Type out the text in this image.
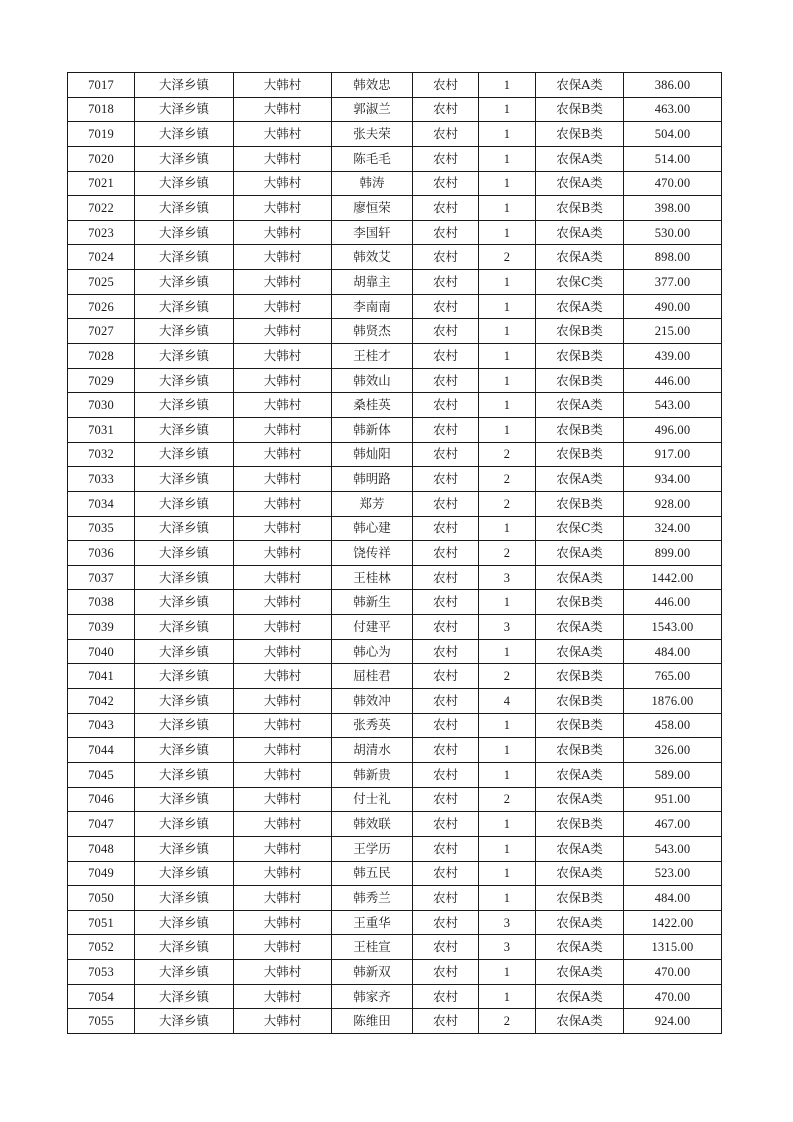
7017	大泽乡镇	大韩村	韩效忠	农村	1	农保A类	386.00
7018	大泽乡镇	大韩村	郭淑兰	农村	1	农保B类	463.00
7019	大泽乡镇	大韩村	张夫荣	农村	1	农保B类	504.00
7020	大泽乡镇	大韩村	陈毛毛	农村	1	农保A类	514.00
7021	大泽乡镇	大韩村	韩涛	农村	1	农保A类	470.00
7022	大泽乡镇	大韩村	廖恒荣	农村	1	农保B类	398.00
7023	大泽乡镇	大韩村	李国轩	农村	1	农保A类	530.00
7024	大泽乡镇	大韩村	韩效艾	农村	2	农保A类	898.00
7025	大泽乡镇	大韩村	胡靠主	农村	1	农保C类	377.00
7026	大泽乡镇	大韩村	李南南	农村	1	农保A类	490.00
7027	大泽乡镇	大韩村	韩贤杰	农村	1	农保B类	215.00
7028	大泽乡镇	大韩村	王桂才	农村	1	农保B类	439.00
7029	大泽乡镇	大韩村	韩效山	农村	1	农保B类	446.00
7030	大泽乡镇	大韩村	桑桂英	农村	1	农保A类	543.00
7031	大泽乡镇	大韩村	韩新体	农村	1	农保B类	496.00
7032	大泽乡镇	大韩村	韩灿阳	农村	2	农保B类	917.00
7033	大泽乡镇	大韩村	韩明路	农村	2	农保A类	934.00
7034	大泽乡镇	大韩村	郑芳	农村	2	农保B类	928.00
7035	大泽乡镇	大韩村	韩心建	农村	1	农保C类	324.00
7036	大泽乡镇	大韩村	饶传祥	农村	2	农保A类	899.00
7037	大泽乡镇	大韩村	王桂林	农村	3	农保A类	1442.00
7038	大泽乡镇	大韩村	韩新生	农村	1	农保B类	446.00
7039	大泽乡镇	大韩村	付建平	农村	3	农保A类	1543.00
7040	大泽乡镇	大韩村	韩心为	农村	1	农保A类	484.00
7041	大泽乡镇	大韩村	屈桂君	农村	2	农保B类	765.00
7042	大泽乡镇	大韩村	韩效冲	农村	4	农保B类	1876.00
7043	大泽乡镇	大韩村	张秀英	农村	1	农保B类	458.00
7044	大泽乡镇	大韩村	胡清水	农村	1	农保B类	326.00
7045	大泽乡镇	大韩村	韩新贵	农村	1	农保A类	589.00
7046	大泽乡镇	大韩村	付士礼	农村	2	农保A类	951.00
7047	大泽乡镇	大韩村	韩效联	农村	1	农保B类	467.00
7048	大泽乡镇	大韩村	王学历	农村	1	农保A类	543.00
7049	大泽乡镇	大韩村	韩五民	农村	1	农保A类	523.00
7050	大泽乡镇	大韩村	韩秀兰	农村	1	农保B类	484.00
7051	大泽乡镇	大韩村	王重华	农村	3	农保A类	1422.00
7052	大泽乡镇	大韩村	王桂宣	农村	3	农保A类	1315.00
7053	大泽乡镇	大韩村	韩新双	农村	1	农保A类	470.00
7054	大泽乡镇	大韩村	韩家齐	农村	1	农保A类	470.00
7055	大泽乡镇	大韩村	陈维田	农村	2	农保A类	924.00
